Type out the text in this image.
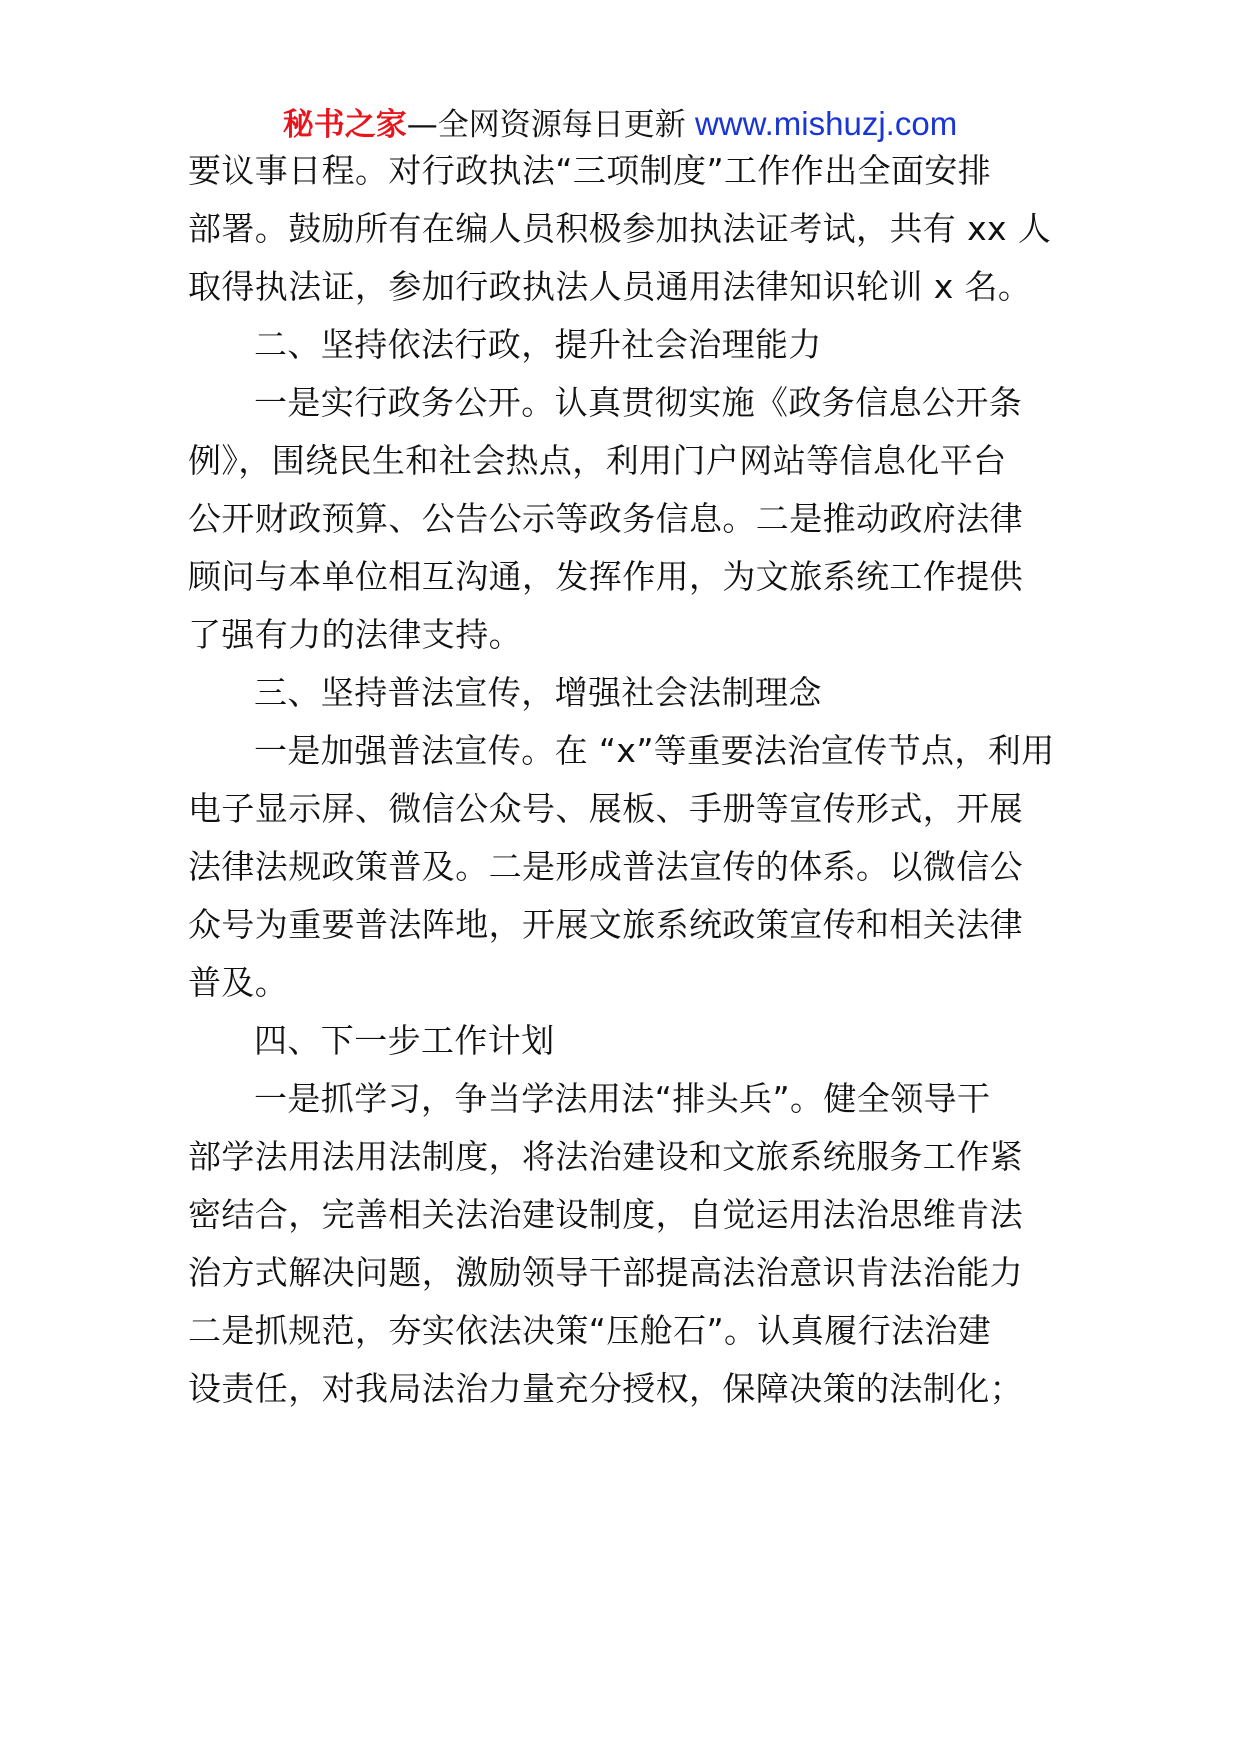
秘书之家—全网资源每日更新 www.mishuzj.com
要议事日程。对行政执法“三项制度”工作作出全面安排
部署。鼓励所有在编人员积极参加执法证考试，共有 xx 人
取得执法证，参加行政执法人员通用法律知识轮训 x 名。
二、坚持依法行政，提升社会治理能力
一是实行政务公开。认真贯彻实施《政务信息公开条
例》，围绕民生和社会热点，利用门户网站等信息化平台
公开财政预算、公告公示等政务信息。二是推动政府法律
顾问与本单位相互沟通，发挥作用，为文旅系统工作提供
了强有力的法律支持。
三、坚持普法宣传，增强社会法制理念
一是加强普法宣传。在 “x”等重要法治宣传节点，利用
电子显示屏、微信公众号、展板、手册等宣传形式，开展
法律法规政策普及。二是形成普法宣传的体系。以微信公
众号为重要普法阵地，开展文旅系统政策宣传和相关法律
普及。
四、下一步工作计划
一是抓学习，争当学法用法“排头兵”。健全领导干
部学法用法用法制度，将法治建设和文旅系统服务工作紧
密结合，完善相关法治建设制度，自觉运用法治思维肯法
治方式解决问题，激励领导干部提高法治意识肯法治能力
二是抓规范，夯实依法决策“压舱石”。认真履行法治建
设责任，对我局法治力量充分授权，保障决策的法制化；
